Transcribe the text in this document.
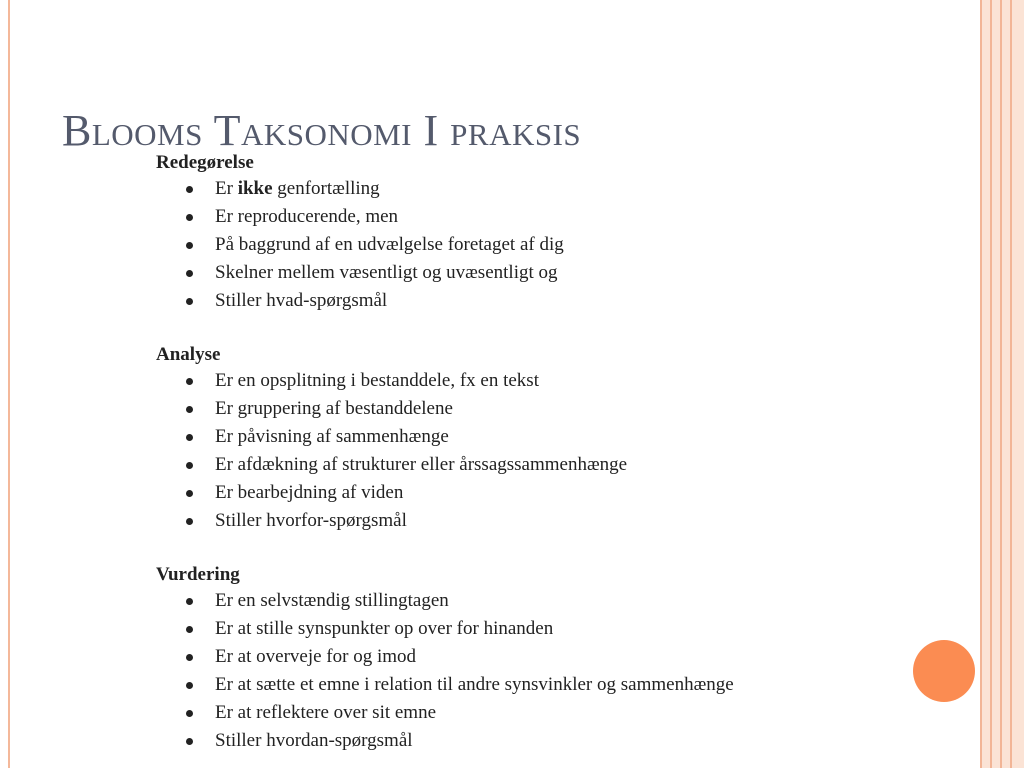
Blooms Taksonomi I praksis

Redegørelse

Er ikke genfortælling
Er reproducerende, men
På baggrund af en udvælgelse foretaget af dig
Skelner mellem væsentligt og uvæsentligt og
Stiller hvad-spørgsmål

Analyse

Er en opsplitning i bestanddele, fx en tekst
Er gruppering af bestanddelene
Er påvisning af sammenhænge
Er afdækning af strukturer eller årssagssammenhænge
Er bearbejdning af viden
Stiller hvorfor-spørgsmål

Vurdering

Er en selvstændig stillingtagen
Er at stille synspunkter op over for hinanden
Er at overveje for og imod
Er at sætte et emne i relation til andre synsvinkler og sammenhænge
Er at reflektere over sit emne
Stiller hvordan-spørgsmål
